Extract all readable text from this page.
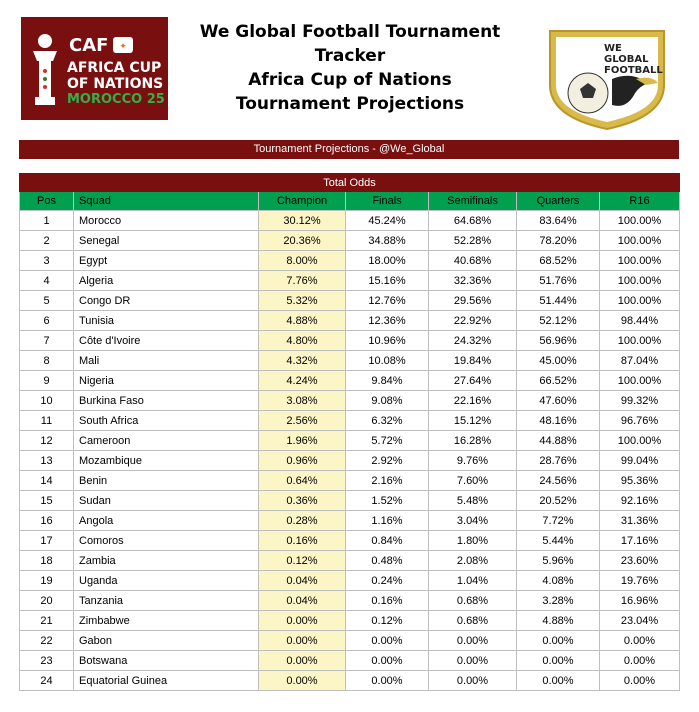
✦
CAF
AFRICA CUP
OF NATIONS
MOROCCO 25
We Global Football Tournament Tracker
Africa Cup of Nations
Tournament Projections
WE
GLOBAL
FOOTBALL
Tournament Projections - @We_Global
Total Odds						
Pos	Squad	Champion	Finals	Semifinals	Quarters	R16
1	Morocco	30.12%	45.24%	64.68%	83.64%	100.00%
2	Senegal	20.36%	34.88%	52.28%	78.20%	100.00%
3	Egypt	8.00%	18.00%	40.68%	68.52%	100.00%
4	Algeria	7.76%	15.16%	32.36%	51.76%	100.00%
5	Congo DR	5.32%	12.76%	29.56%	51.44%	100.00%
6	Tunisia	4.88%	12.36%	22.92%	52.12%	98.44%
7	Côte d'Ivoire	4.80%	10.96%	24.32%	56.96%	100.00%
8	Mali	4.32%	10.08%	19.84%	45.00%	87.04%
9	Nigeria	4.24%	9.84%	27.64%	66.52%	100.00%
10	Burkina Faso	3.08%	9.08%	22.16%	47.60%	99.32%
11	South Africa	2.56%	6.32%	15.12%	48.16%	96.76%
12	Cameroon	1.96%	5.72%	16.28%	44.88%	100.00%
13	Mozambique	0.96%	2.92%	9.76%	28.76%	99.04%
14	Benin	0.64%	2.16%	7.60%	24.56%	95.36%
15	Sudan	0.36%	1.52%	5.48%	20.52%	92.16%
16	Angola	0.28%	1.16%	3.04%	7.72%	31.36%
17	Comoros	0.16%	0.84%	1.80%	5.44%	17.16%
18	Zambia	0.12%	0.48%	2.08%	5.96%	23.60%
19	Uganda	0.04%	0.24%	1.04%	4.08%	19.76%
20	Tanzania	0.04%	0.16%	0.68%	3.28%	16.96%
21	Zimbabwe	0.00%	0.12%	0.68%	4.88%	23.04%
22	Gabon	0.00%	0.00%	0.00%	0.00%	0.00%
23	Botswana	0.00%	0.00%	0.00%	0.00%	0.00%
24	Equatorial Guinea	0.00%	0.00%	0.00%	0.00%	0.00%
